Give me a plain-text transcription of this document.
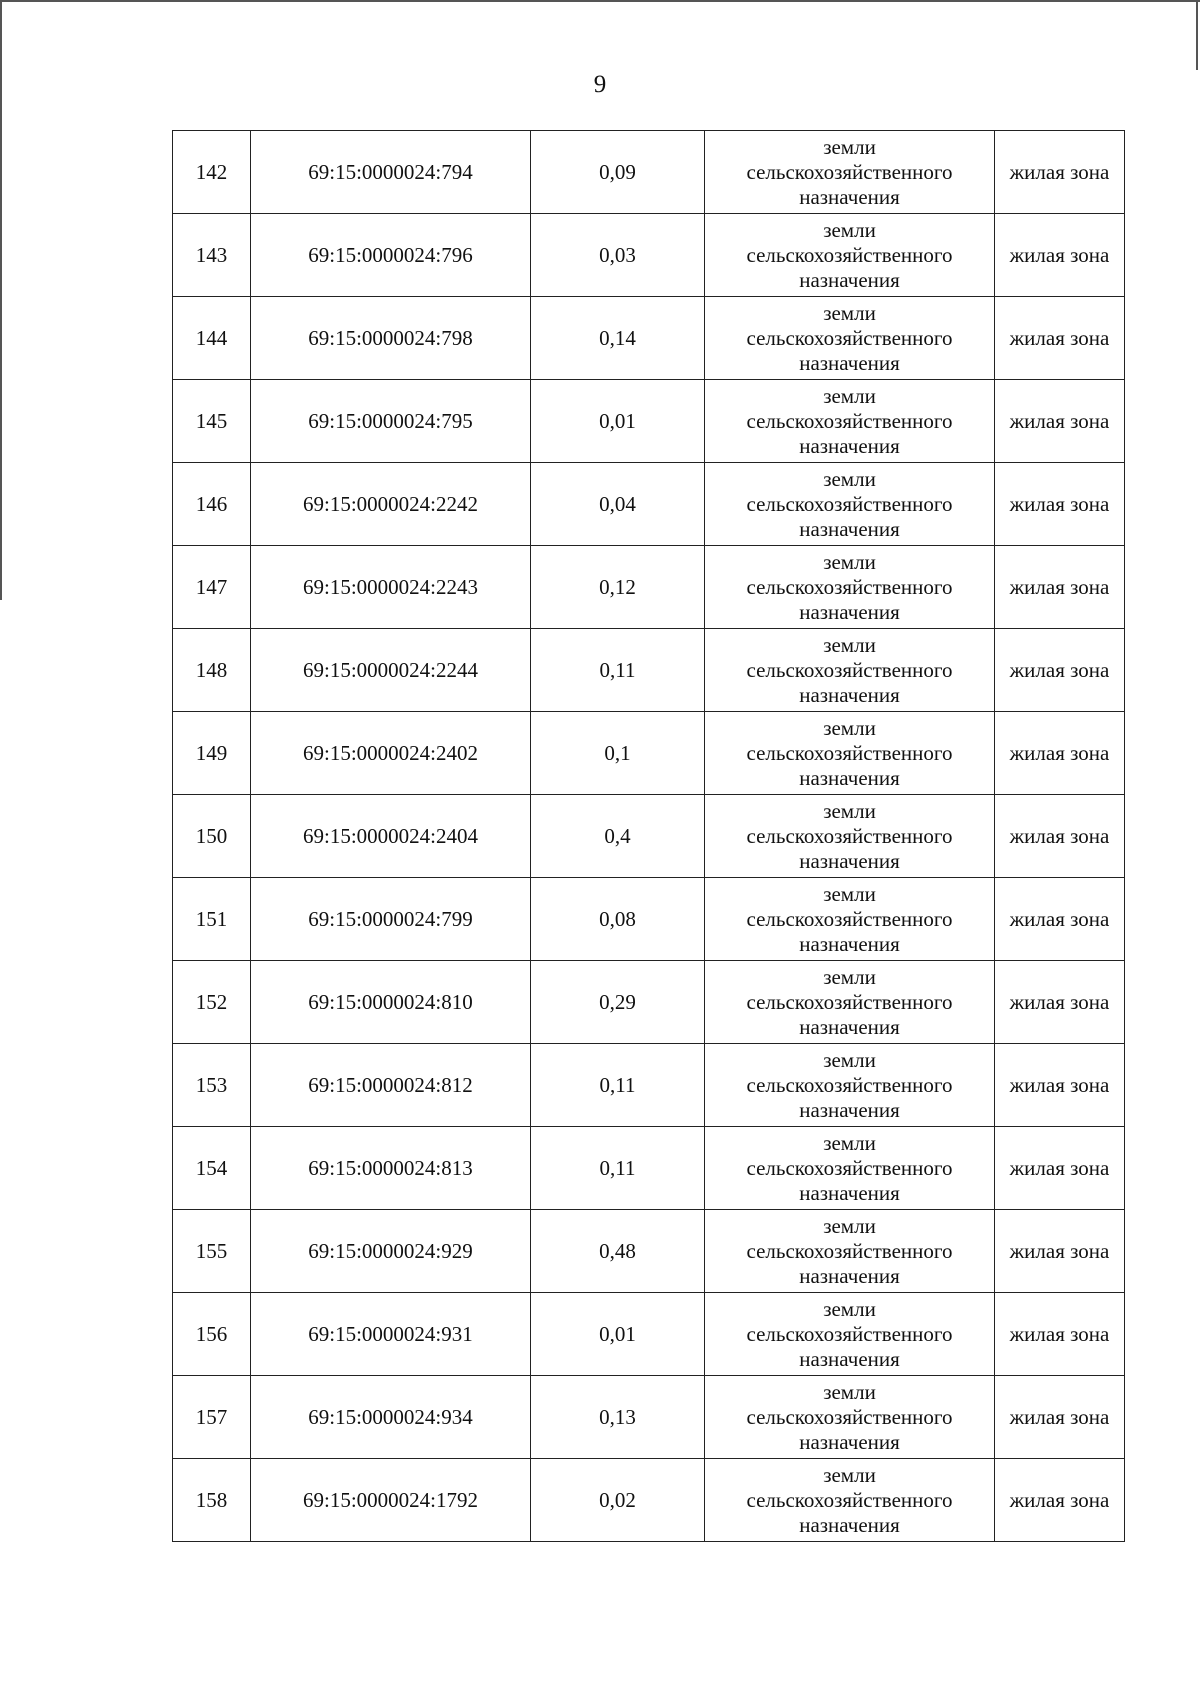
9
142	69:15:0000024:794	0,09	земли
сельскохозяйственного
назначения	жилая зона
143	69:15:0000024:796	0,03	земли
сельскохозяйственного
назначения	жилая зона
144	69:15:0000024:798	0,14	земли
сельскохозяйственного
назначения	жилая зона
145	69:15:0000024:795	0,01	земли
сельскохозяйственного
назначения	жилая зона
146	69:15:0000024:2242	0,04	земли
сельскохозяйственного
назначения	жилая зона
147	69:15:0000024:2243	0,12	земли
сельскохозяйственного
назначения	жилая зона
148	69:15:0000024:2244	0,11	земли
сельскохозяйственного
назначения	жилая зона
149	69:15:0000024:2402	0,1	земли
сельскохозяйственного
назначения	жилая зона
150	69:15:0000024:2404	0,4	земли
сельскохозяйственного
назначения	жилая зона
151	69:15:0000024:799	0,08	земли
сельскохозяйственного
назначения	жилая зона
152	69:15:0000024:810	0,29	земли
сельскохозяйственного
назначения	жилая зона
153	69:15:0000024:812	0,11	земли
сельскохозяйственного
назначения	жилая зона
154	69:15:0000024:813	0,11	земли
сельскохозяйственного
назначения	жилая зона
155	69:15:0000024:929	0,48	земли
сельскохозяйственного
назначения	жилая зона
156	69:15:0000024:931	0,01	земли
сельскохозяйственного
назначения	жилая зона
157	69:15:0000024:934	0,13	земли
сельскохозяйственного
назначения	жилая зона
158	69:15:0000024:1792	0,02	земли
сельскохозяйственного
назначения	жилая зона
